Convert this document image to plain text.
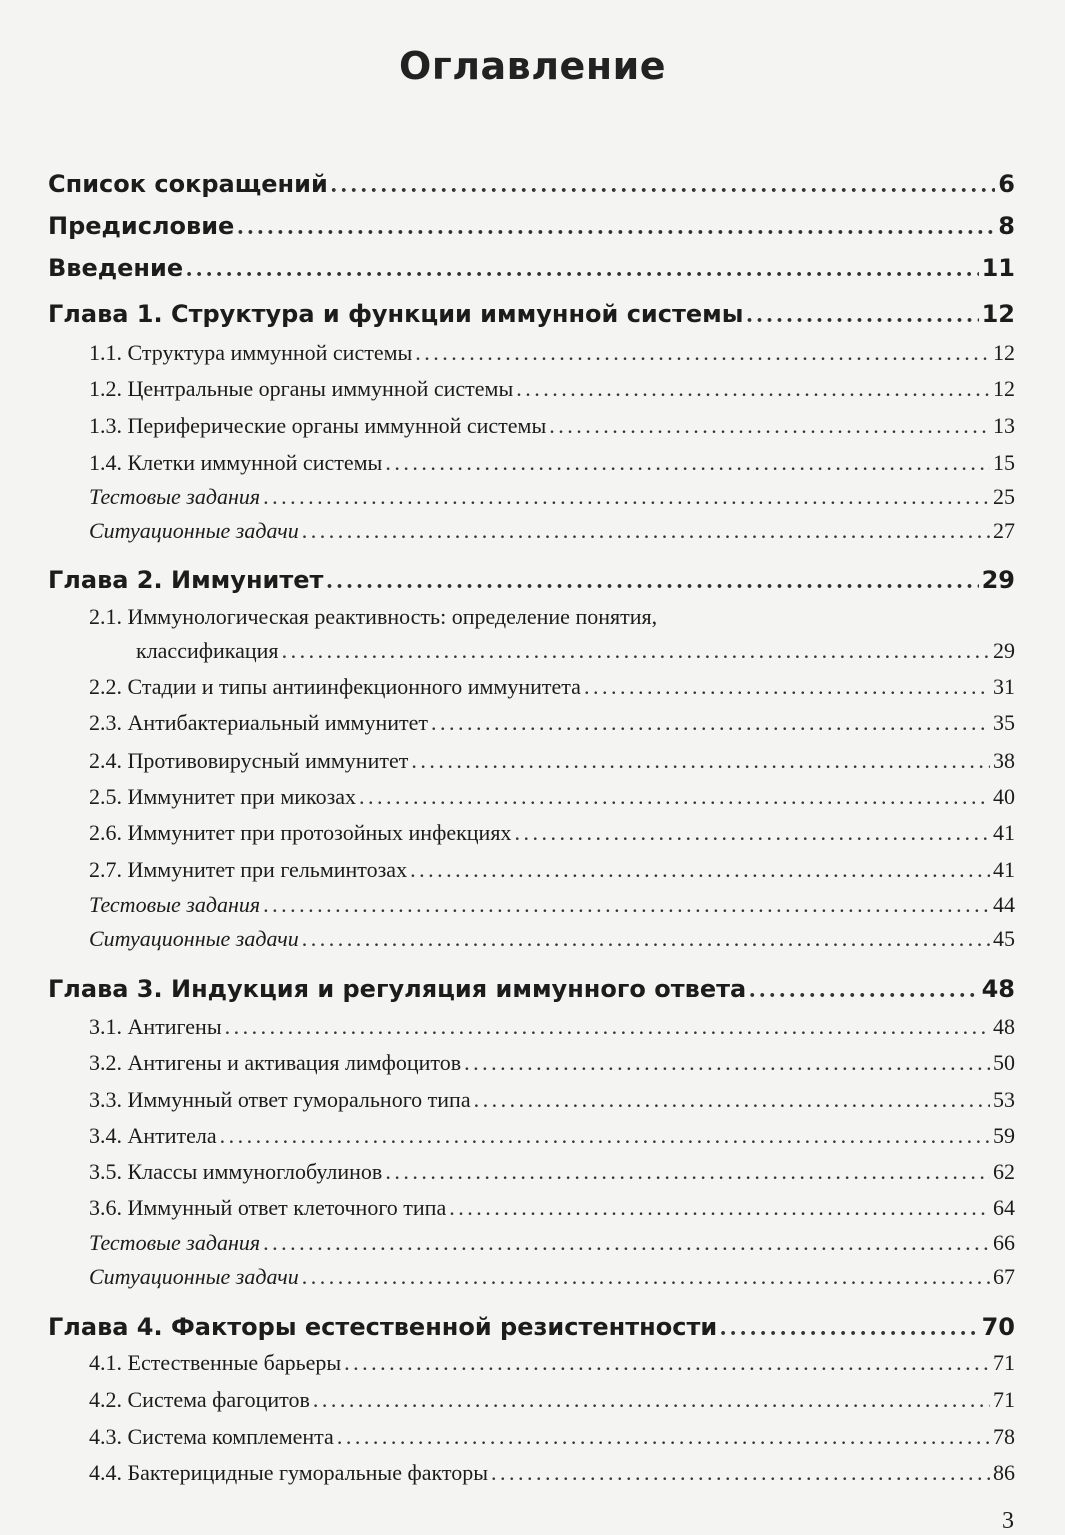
Оглавление
Список сокращений . . .	6
Предисловие . . .	8
Введение . . .	11
Глава 1. Структура и функции иммунной системы . . .	12
1.1. Структура иммунной системы . . .	12
1.2. Центральные органы иммунной системы . . .	12
1.3. Периферические органы иммунной системы . . .	13
1.4. Клетки иммунной системы . . .	15
Тестовые задания . . .	25
Ситуационные задачи . . .	27
Глава 2. Иммунитет . . .	29
2.1. Иммунологическая реактивность: определение понятия,
классификация . . .	29
2.2. Стадии и типы антиинфекционного иммунитета . . .	31
2.3. Антибактериальный иммунитет . . .	35
2.4. Противовирусный иммунитет . . .	38
2.5. Иммунитет при микозах . . .	40
2.6. Иммунитет при протозойных инфекциях . . .	41
2.7. Иммунитет при гельминтозах . . .	41
Тестовые задания . . .	44
Ситуационные задачи . . .	45
Глава 3. Индукция и регуляция иммунного ответа . . .	48
3.1. Антигены . . .	48
3.2. Антигены и активация лимфоцитов . . .	50
3.3. Иммунный ответ гуморального типа . . .	53
3.4. Антитела . . .	59
3.5. Классы иммуноглобулинов . . .	62
3.6. Иммунный ответ клеточного типа . . .	64
Тестовые задания . . .	66
Ситуационные задачи . . .	67
Глава 4. Факторы естественной резистентности . . .	70
4.1. Естественные барьеры . . .	71
4.2. Система фагоцитов . . .	71
4.3. Система комплемента . . .	78
4.4. Бактерицидные гуморальные факторы . . .	86
3
